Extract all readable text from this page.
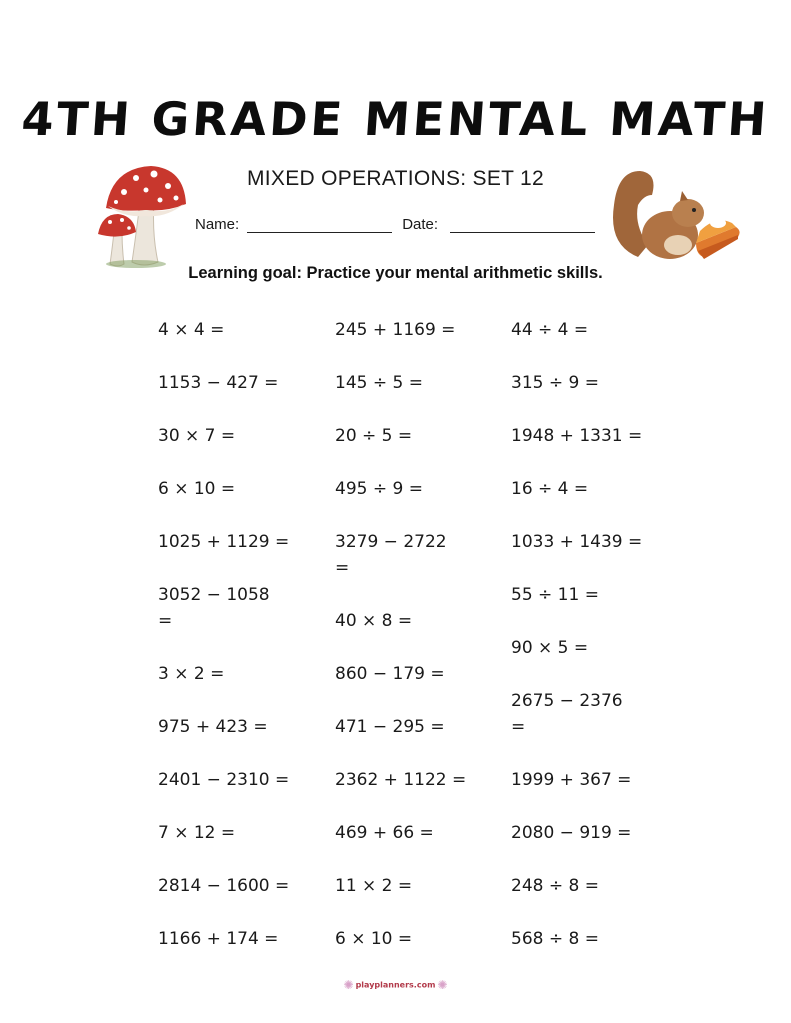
4TH GRADE MENTAL MATH
MIXED OPERATIONS: SET 12
Name:	Date:
Learning goal: Practice your mental arithmetic skills.
4 × 4 =
1153 − 427 =
30 × 7 =
6 × 10 =
1025 + 1129 =
3052 − 1058 =
3 × 2 =
975 + 423 =
2401 − 2310 =
7 × 12 =
2814 − 1600 =
1166 + 174 =
245 + 1169 =
145 ÷ 5 =
20 ÷ 5 =
495 ÷ 9 =
3279 − 2722 =
40 × 8 =
860 − 179 =
471 − 295 =
2362 + 1122 =
469 + 66 =
11 × 2 =
6 × 10 =
44 ÷ 4 =
315 ÷ 9 =
1948 + 1331 =
16 ÷ 4 =
1033 + 1439 =
55 ÷ 11 =
90 × 5 =
2675 − 2376 =
1999 + 367 =
2080 − 919 =
248 ÷ 8 =
568 ÷ 8 =
✺ playplanners.com ✺
